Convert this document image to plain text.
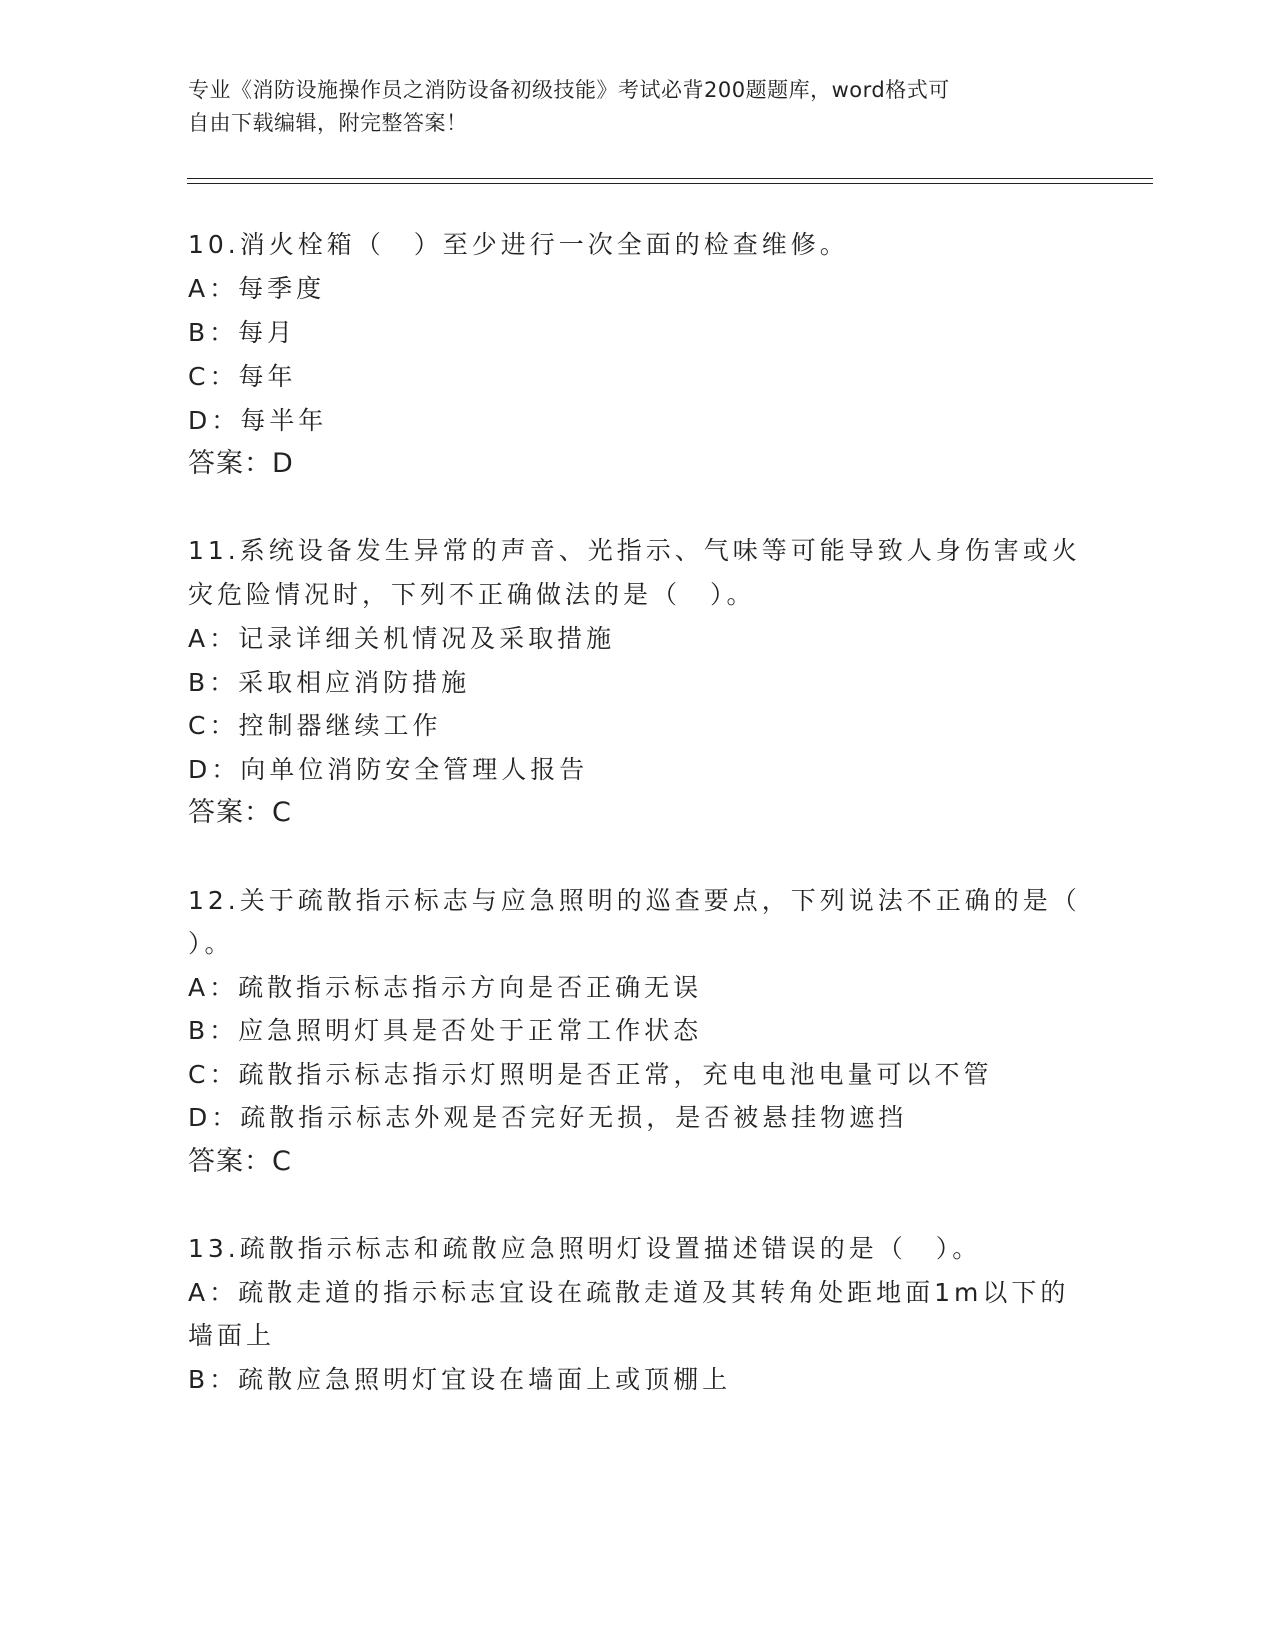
专业《消防设施操作员之消防设备初级技能》考试必背200题题库，word格式可
自由下载编辑，附完整答案！
10.消火栓箱（　）至少进行一次全面的检查维修。
A：每季度
B：每月
C：每年
D：每半年
答案：D
11.系统设备发生异常的声音、光指示、气味等可能导致人身伤害或火
灾危险情况时，下列不正确做法的是（　）。
A：记录详细关机情况及采取措施
B：采取相应消防措施
C：控制器继续工作
D：向单位消防安全管理人报告
答案：C
12.关于疏散指示标志与应急照明的巡查要点，下列说法不正确的是（
）。
A：疏散指示标志指示方向是否正确无误
B：应急照明灯具是否处于正常工作状态
C：疏散指示标志指示灯照明是否正常，充电电池电量可以不管
D：疏散指示标志外观是否完好无损，是否被悬挂物遮挡
答案：C
13.疏散指示标志和疏散应急照明灯设置描述错误的是（　）。
A：疏散走道的指示标志宜设在疏散走道及其转角处距地面1m以下的
墙面上
B：疏散应急照明灯宜设在墙面上或顶棚上
